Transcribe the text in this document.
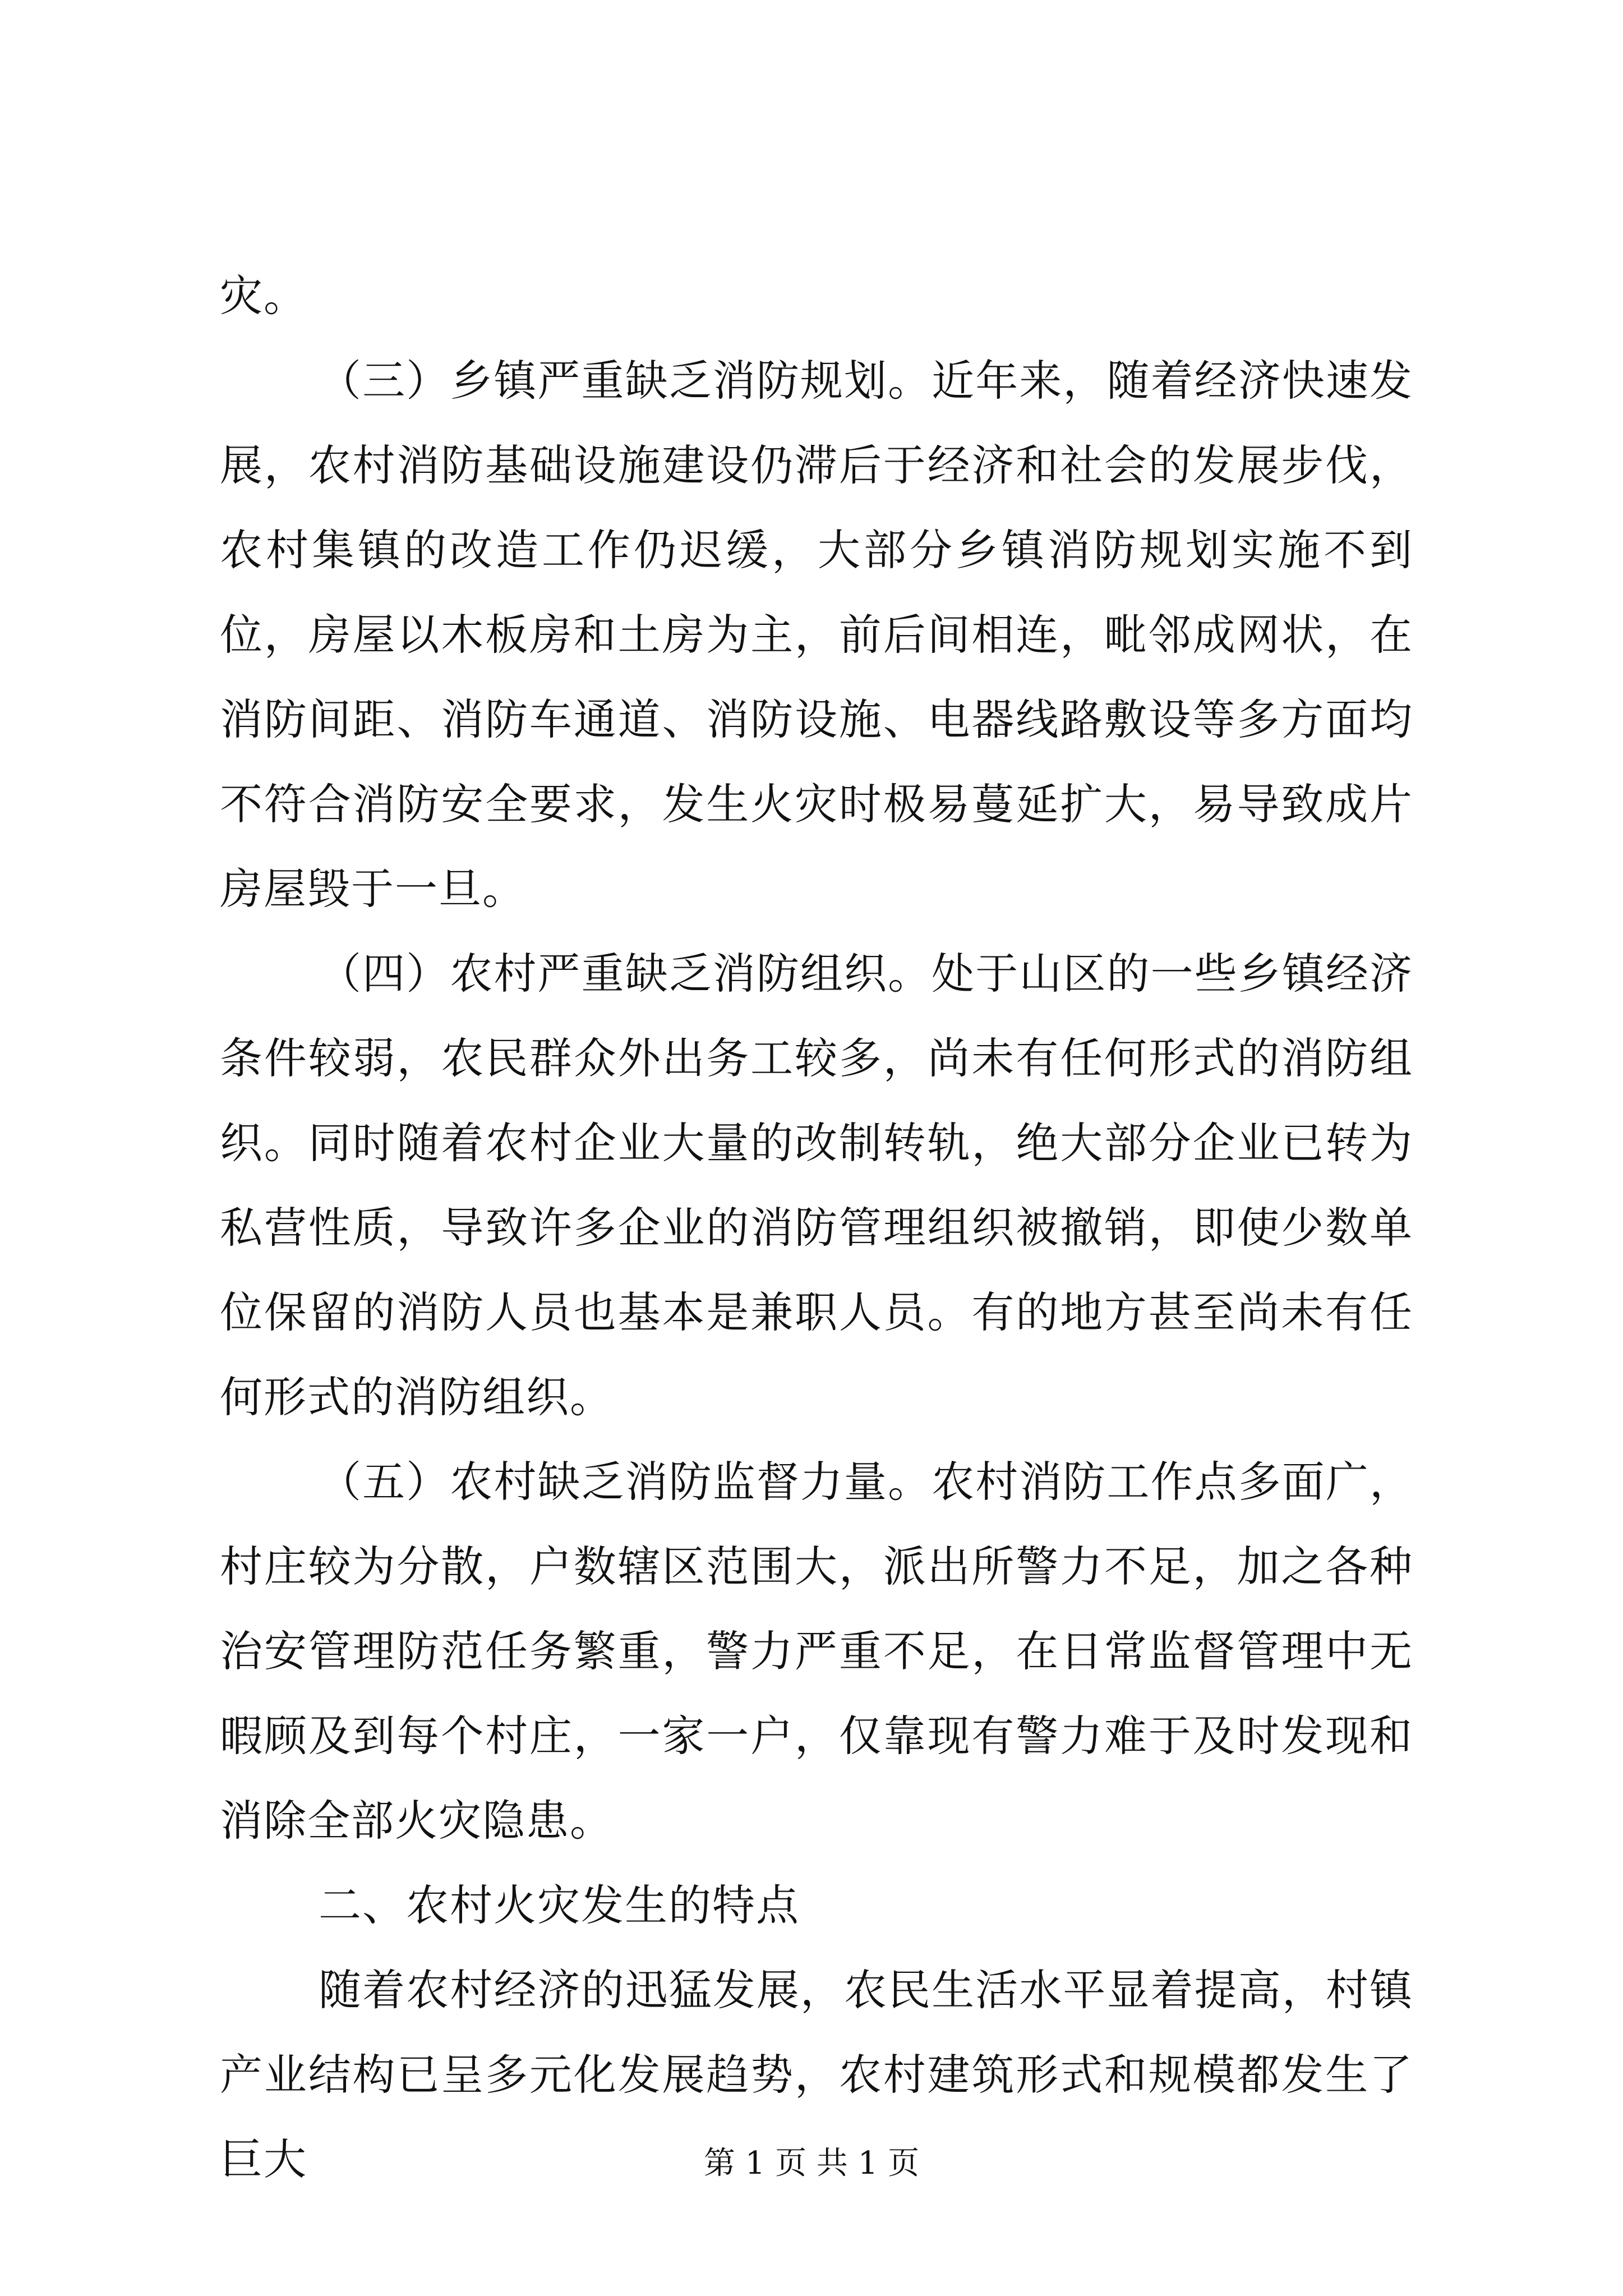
灾。

（三）乡镇严重缺乏消防规划。近年来，随着经济快速发展，农村消防基础设施建设仍滞后于经济和社会的发展步伐，农村集镇的改造工作仍迟缓，大部分乡镇消防规划实施不到位，房屋以木板房和土房为主，前后间相连，毗邻成网状，在消防间距、消防车通道、消防设施、电器线路敷设等多方面均不符合消防安全要求，发生火灾时极易蔓延扩大，易导致成片房屋毁于一旦。

（四）农村严重缺乏消防组织。处于山区的一些乡镇经济条件较弱，农民群众外出务工较多，尚未有任何形式的消防组织。同时随着农村企业大量的改制转轨，绝大部分企业已转为私营性质，导致许多企业的消防管理组织被撤销，即使少数单位保留的消防人员也基本是兼职人员。有的地方甚至尚未有任何形式的消防组织。

（五）农村缺乏消防监督力量。农村消防工作点多面广，村庄较为分散，户数辖区范围大，派出所警力不足，加之各种治安管理防范任务繁重，警力严重不足，在日常监督管理中无暇顾及到每个村庄，一家一户，仅靠现有警力难于及时发现和消除全部火灾隐患。

二、农村火灾发生的特点

随着农村经济的迅猛发展，农民生活水平显着提高，村镇产业结构已呈多元化发展趋势，农村建筑形式和规模都发生了巨大	第 1 页 共 1 页
